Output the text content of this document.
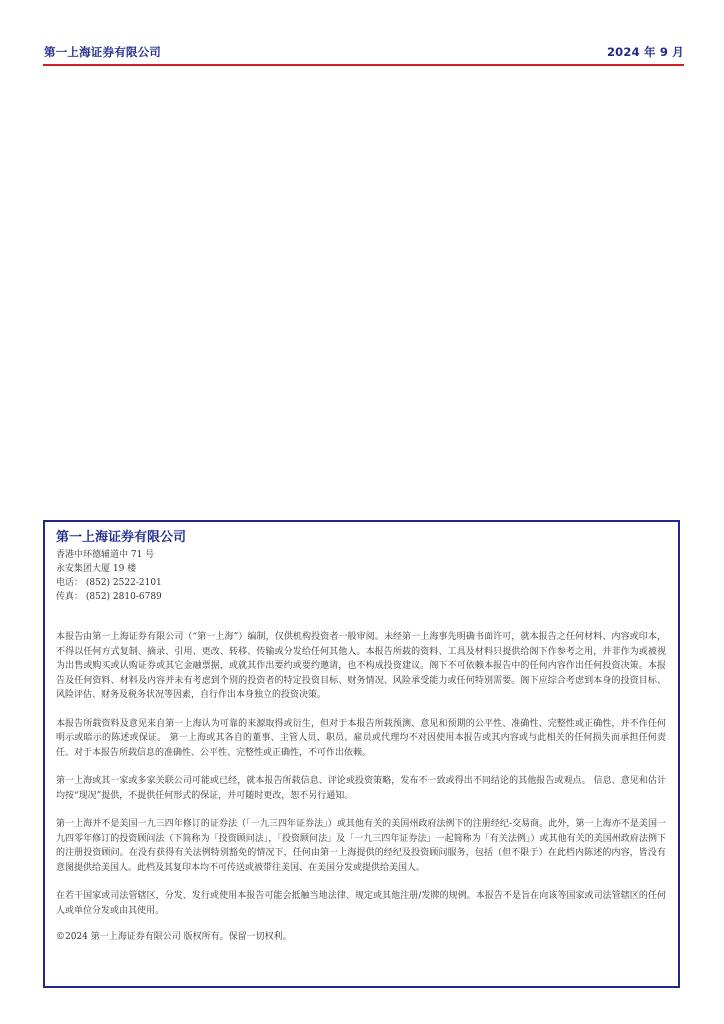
第一上海证券有限公司	2024 年 9 月
第一上海证券有限公司
香港中环德辅道中 71 号
永安集团大厦 19 楼
电话： (852) 2522-2101
传真： (852) 2810-6789

本报告由第一上海证券有限公司（“第一上海”）编制，仅供机构投资者一般审阅。未经第一上海事先明确书面许可，就本报告之任何材料、内容或印本，不得以任何方式复制、摘录、引用、更改、转移、传输或分发给任何其他人。本报告所载的资料、工具及材料只提供给阁下作参考之用，并非作为或被视为出售或购买或认购证券或其它金融票据，或就其作出要约或要约邀请，也不构成投资建议。阁下不可依赖本报告中的任何内容作出任何投资决策。本报告及任何资料、材料及内容并未有考虑到个别的投资者的特定投资目标、财务情况、风险承受能力或任何特别需要。阁下应综合考虑到本身的投资目标、风险评估、财务及税务状况等因素，自行作出本身独立的投资决策。

本报告所载资料及意见来自第一上海认为可靠的来源取得或衍生，但对于本报告所载预测、意见和预期的公平性、准确性、完整性或正确性，并不作任何明示或暗示的陈述或保证。 第一上海或其各自的董事、主管人员、职员、雇员或代理均不对因使用本报告或其内容或与此相关的任何损失而承担任何责任。对于本报告所载信息的准确性、公平性、完整性或正确性，不可作出依赖。

第一上海或其一家或多家关联公司可能或已经，就本报告所载信息、评论或投资策略，发布不一致或得出不同结论的其他报告或观点。 信息、意见和估计均按“现况”提供，不提供任何形式的保证，并可随时更改，恕不另行通知。

第一上海并不是美国一九三四年修订的证券法（「一九三四年证券法」）或其他有关的美国州政府法例下的注册经纪-交易商。此外，第一上海亦不是美国一九四零年修订的投资顾问法（下简称为「投资顾问法」，「投资顾问法」及「一九三四年证券法」一起简称为「有关法例」）或其他有关的美国州政府法例下的注册投资顾问。在没有获得有关法例特别豁免的情况下，任何由第一上海提供的经纪及投资顾问服务，包括（但不限于）在此档内陈述的内容，皆没有意图提供给美国人。此档及其复印本均不可传送或被带往美国、在美国分发或提供给美国人。

在若干国家或司法管辖区，分发、发行或使用本报告可能会抵触当地法律、规定或其他注册/发牌的规例。本报告不是旨在向该等国家或司法管辖区的任何人或单位分发或由其使用。

©2024 第一上海证券有限公司 版权所有。保留一切权利。
